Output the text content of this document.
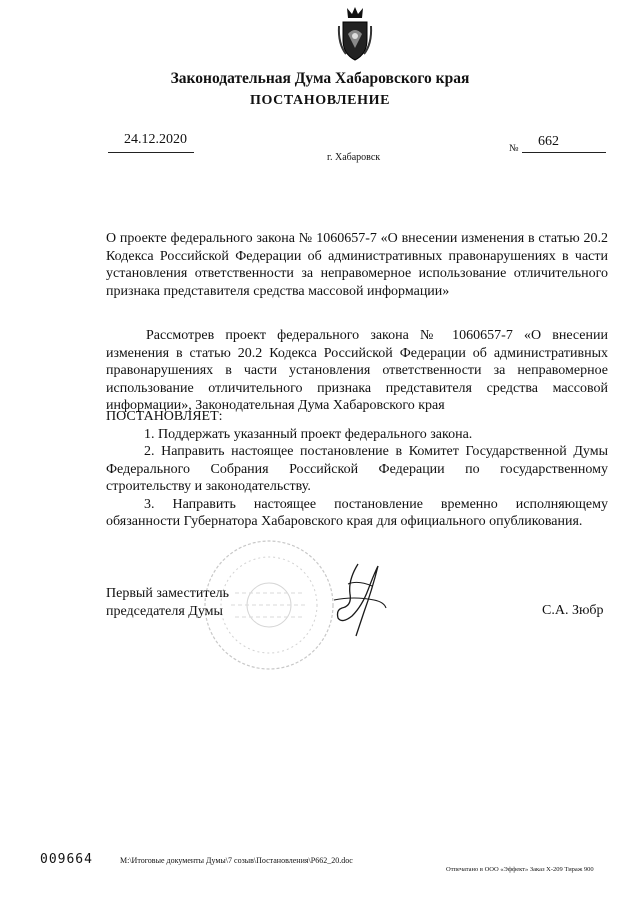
Законодательная Дума Хабаровского края
ПОСТАНОВЛЕНИЕ
24.12.2020
г. Хабаровск
№ 662
О проекте федерального закона № 1060657-7 «О внесении изменения в статью 20.2
Кодекса Российской Федерации об административных правонарушениях в части
установления ответственности за неправомерное использование отличительного
признака представителя средства массовой информации»
Рассмотрев проект федерального закона № 1060657-7 «О внесении
изменения в статью 20.2 Кодекса Российской Федерации об административных
правонарушениях в части установления ответственности за неправомерное
использование отличительного признака представителя средства массовой
информации», Законодательная Дума Хабаровского края
ПОСТАНОВЛЯЕТ:
1. Поддержать указанный проект федерального закона.
2. Направить настоящее постановление в Комитет Государственной Думы
Федерального Собрания Российской Федерации по государственному
строительству и законодательству.
3. Направить настоящее постановление временно исполняющему
обязанности Губернатора Хабаровского края для официального опубликования.
Первый заместитель
председателя Думы	С.А. Зюбр
009664	M:\Итоговые документы Думы\7 созыв\Постановления\Р662_20.doc
Отпечатано в ООО «Эффект» Заказ Х-209 Тираж 900
